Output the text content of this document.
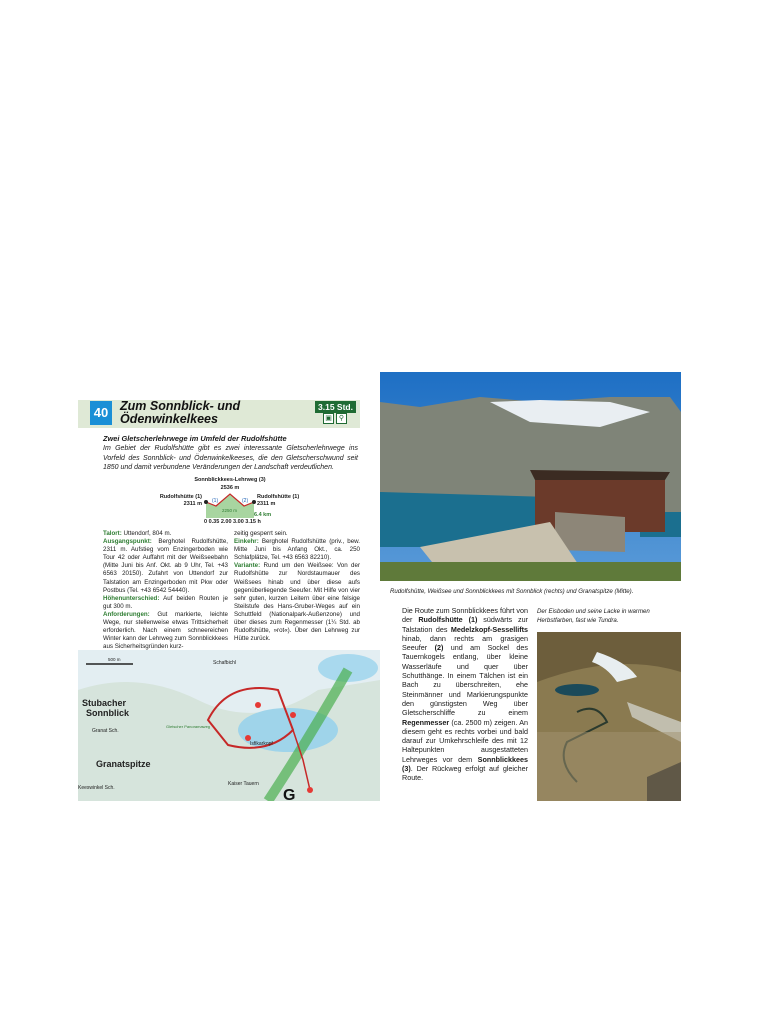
40 Zum Sonnblick- und
Ödenwinkelkees
3.15 Std.
▣	⚲
Zwei Gletscherlehrwege im Umfeld der Rudolfshütte
Im Gebiet der Rudolfshütte gibt es zwei interessante Gletscherlehrwege ins Vorfeld des Sonnblick- und Ödenwinkelkeeses, die den Gletscherschwund seit 1850 und damit verbundene Veränderungen der Landschaft verdeutlichen.
Sonnblickkees-Lehrweg (3)
2536 m
Rudolfshütte (1)
2311 m (1)	(2)
2250 m
Rudolfshütte (1)
2311 m
6.4 km
0 0.35 2.00 3.00 3.15 h
Talort: Uttendorf, 804 m.
Ausgangspunkt: Berghotel Rudolfshütte, 2311 m. Aufstieg vom Enzingerboden wie Tour 42 oder Auffahrt mit der Weißseebahn (Mitte Juni bis Anf. Okt. ab 9 Uhr, Tel. +43 6563 20150). Zufahrt von Uttendorf zur Talstation am Enzingerboden mit Pkw oder Postbus (Tel. +43 6542 54440).
Höhenunterschied: Auf beiden Routen je gut 300 m.
Anforderungen: Gut markierte, leichte Wege, nur stellenweise etwas Trittsicherheit erforderlich. Nach einem schneereichen Winter kann der Lehrweg zum Sonnblickkees aus Sicherheitsgründen kurz-
zeitig gesperrt sein.
Einkehr: Berghotel Rudolfshütte (priv., bew. Mitte Juni bis Anfang Okt., ca. 250 Schlafplätze, Tel. +43 6563 82210).
Variante: Rund um den Weißsee: Von der Rudolfshütte zur Nordstaumauer des Weißsees hinab und über diese aufs gegenüberliegende Seeufer. Mit Hilfe von vier sehr guten, kurzen Leitern über eine felsige Steilstufe des Hans-Gruber-Weges auf ein Schuttfeld (Nationalpark-Außenzone) und über dieses zum Regenmesser (1¼ Std. ab Rudolfshütte, »rot«). Über den Lehrweg zur Hütte zurück.
500 m
Stubacher
Sonnblick
Granatspitze
Granat Sch.
Keeswinkel Sch.
Schafbichl
Isfikarkopf
Kaiser Tauern
Gletscher Panoramaweg
G
Rudolfshütte, Weißsee und Sonnblickkees mit Sonnblick (rechts) und Granatspitze (Mitte).
Die Route zum Sonnblickkees führt von der Rudolfshütte (1) südwärts zur Talstation des Medelzkopf-Sessellifts hinab, dann rechts am grasigen Seeufer (2) und am Sockel des Tauernkogels entlang, über kleine Wasserläufe und quer über Schutthänge. In einem Tälchen ist ein Bach zu überschreiten, ehe Steinmänner und Markierungspunkte den günstigsten Weg über Gletscherschliffe zu einem Regenmesser (ca. 2500 m) zeigen. An diesem geht es rechts vorbei und bald darauf zur Umkehrschleife des mit 12 Haltepunkten ausgestatteten Lehrweges vor dem Sonnblickkees (3). Der Rückweg erfolgt auf gleicher Route.
Der Eisboden und seine Lacke in warmen Herbstfarben, fast wie Tundra.
